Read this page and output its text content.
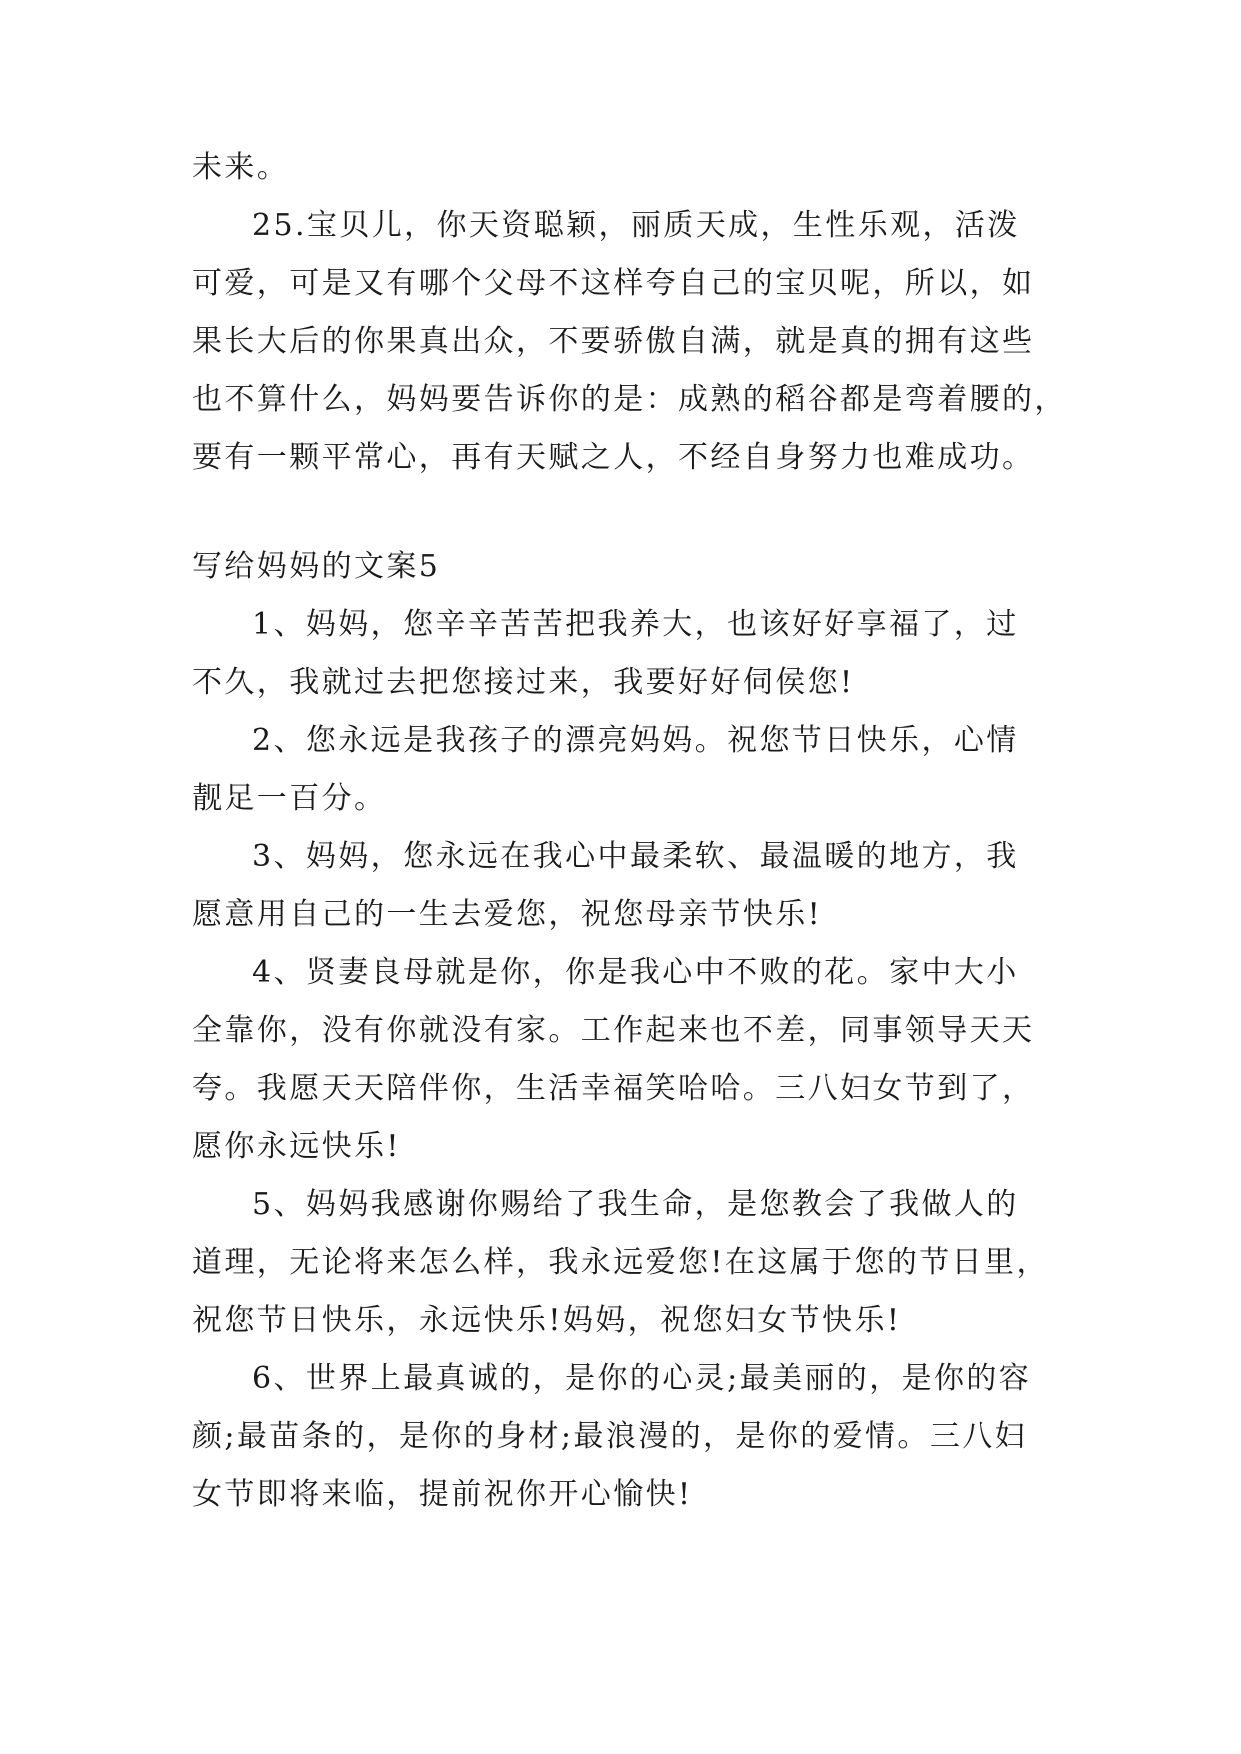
未来。
25.宝贝儿，你天资聪颖，丽质天成，生性乐观，活泼
可爱，可是又有哪个父母不这样夸自己的宝贝呢，所以，如
果长大后的你果真出众，不要骄傲自满，就是真的拥有这些
也不算什么，妈妈要告诉你的是：成熟的稻谷都是弯着腰的，
要有一颗平常心，再有天赋之人，不经自身努力也难成功。
写给妈妈的文案5
1、妈妈，您辛辛苦苦把我养大，也该好好享福了，过
不久，我就过去把您接过来，我要好好伺侯您!
2、您永远是我孩子的漂亮妈妈。祝您节日快乐，心情
靓足一百分。
3、妈妈，您永远在我心中最柔软、最温暖的地方，我
愿意用自己的一生去爱您，祝您母亲节快乐!
4、贤妻良母就是你，你是我心中不败的花。家中大小
全靠你，没有你就没有家。工作起来也不差，同事领导天天
夸。我愿天天陪伴你，生活幸福笑哈哈。三八妇女节到了，
愿你永远快乐!
5、妈妈我感谢你赐给了我生命，是您教会了我做人的
道理，无论将来怎么样，我永远爱您!在这属于您的节日里，
祝您节日快乐，永远快乐!妈妈，祝您妇女节快乐!
6、世界上最真诚的，是你的心灵;最美丽的，是你的容
颜;最苗条的，是你的身材;最浪漫的，是你的爱情。三八妇
女节即将来临，提前祝你开心愉快!
